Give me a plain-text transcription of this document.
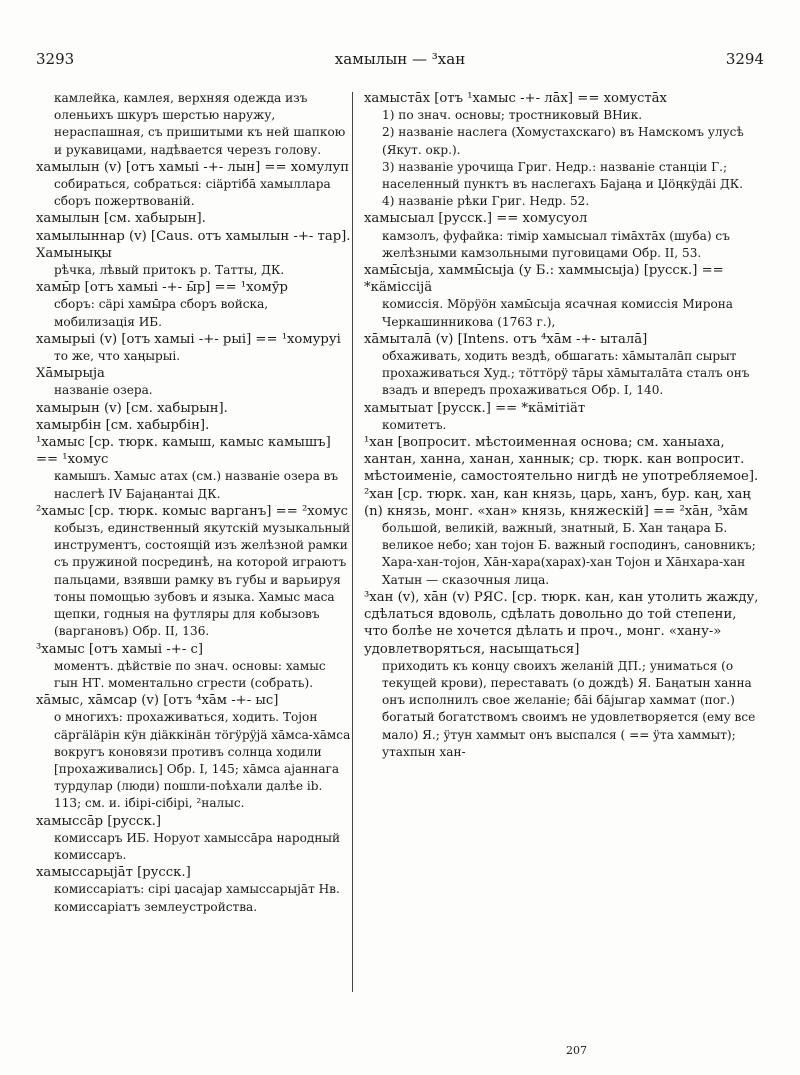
3293	хамылын — ³хан	3294

камлейка, камлея, верхняя одежда изъ оленьихъ шкуръ шерстью наружу, нераспашная, съ пришитыми къ ней шапкою и рукавицами, надѣвается черезъ голову.

хамылын (v) [отъ хамыі -+- лын] == хомулуп

собираться, собраться: сіäртібā хамыллара сборъ пожертвованій.

хамылын [см. хабырын].

хамылыннар (v) [Caus. отъ хамылын -+- тар].

Хамынықы

рѣчка, лѣвый притокъ р. Татты, ДК.

хамы̄р [отъ хамыі -+- ы̄р] == ¹хомӯр

сборъ: сäрі хамы̄ра сборъ войска, мобилизація ИБ.

хамырыі (v) [отъ хамыі -+- рыі] == ¹хомуруі

то же, что хаңырыі.

Хāмырыја

названіе озера.

хамырын (v) [см. хабырын].

хамырбін [см. хабырбін].

¹хамыс [ср. тюрк. камыш, камыс камышъ] == ¹хомус

камышъ. Хамыс атах (см.) названіе озера въ наслегѣ IV Бајаңантаі ДК.

²хамыс [ср. тюрк. комыс варганъ] == ²хомус

кобызъ, единственный якутскій музыкальный инструментъ, состоящій изъ желѣзной рамки съ пружиной посрединѣ, на которой играютъ пальцами, взявши рамку въ губы и варьируя тоны помощью зубовъ и языка. Хамыс маса щепки, годныя на футляры для кобызовъ (варгановъ) Обр. II, 136.

³хамыс [отъ хамыі -+- с]

моментъ. дѣйствіе по знач. основы: хамыс гын НТ. моментально сгрести (собрать).

хāмыс, хāмсар (v) [отъ ⁴хāм -+- ыс]

о многихъ: прохаживаться, ходить. Тојон сäргäläрін кÿн діäккінäн тöгÿрÿјä хāмса-хāмса вокругъ коновязи противъ солнца ходили [прохаживались] Обр. I, 145; хāмса аjаннага турдулар (люди) пошли-поѣхали далѣе ib. 113; см. и. ібірі-сібірі, ²налыс.

хамыссāр [русск.]

комиссаръ ИБ. Норуот хамыссāра народный комиссаръ.

хамыссарыјāт [русск.]

комиссаріатъ: сірі џасајар хамыссарыјāт Нв. комиссаріатъ землеустройства.

хамыстāх [отъ ¹хамыс -+- лāх] == хомустāх

1) по знач. основы; тростниковый ВНик.

2) названіе наслега (Хомустахскаго) въ Намскомъ улусѣ (Якут. окр.).

3) названіе урочища Григ. Недр.: названіе станціи Г.; населенный пунктъ въ наслегахъ Бајаңа и Џöңкÿдäі ДК.

4) названіе рѣки Григ. Недр. 52.

хамысыал [русск.] == хомусуол

камзолъ, фуфайка: тімір хамысыал тімāхтāх (шуба) съ желѣзными камзольными пуговицами Обр. II, 53.

хамы̄сыја, хаммы̄сыја (у Б.: хаммысыја) [русск.] == *кäміссіјä

комиссія. Мöрÿöн хамы̄сыја ясачная комиссія Мирона Черкашинникова (1763 г.),

хāмыталā (v) [Intens. отъ ⁴хāм -+- ыталā]

обхаживать, ходить вездѣ, обшагать: хāмыталāп сырыт прохаживаться Худ.; тöттöрÿ тāры хāмыталāта сталъ онъ взадъ и впередъ прохаживаться Обр. I, 140.

хамытыат [русск.] == *кäмітіäт

комитетъ.

¹хан [вопросит. мѣстоименная основа; см. ханыаха, хантан, ханна, ханан, ханнык; ср. тюрк. кан вопросит. мѣстоименіе, самостоятельно нигдѣ не употребляемое].

²хан [ср. тюрк. хан, кан князь, царь, ханъ, бур. каң, хаң (n) князь, монг. «хан» князь, княжескій] == ²хāн, ³хāм

большой, великій, важный, знатный, Б. Хан таңара Б. великое небо; хан тојон Б. важный господинъ, сановникъ; Хара-хан-тојон, Хāн-хара(харах)-хан Тојон и Хāнхара-хан Хатын — сказочныя лица.

³хан (v), хāн (v) РЯС. [ср. тюрк. кан, кан утолить жажду, сдѣлаться вдоволь, сдѣлать довольно до той степени, что болѣе не хочется дѣлать и проч., монг. «хану-» удовлетворяться, насыщаться]

приходить къ концу своихъ желаній ДП.; униматься (о текущей крови), переставать (о дождѣ) Я. Баңатын ханна онъ исполнилъ свое желаніе; бāі бāјыгар хаммат (пог.) богатый богатствомъ своимъ не удовлетворяется (ему все мало) Я.; ÿтун хаммыт онъ выспался ( == ÿта хаммыт); утахпын хан-

207
